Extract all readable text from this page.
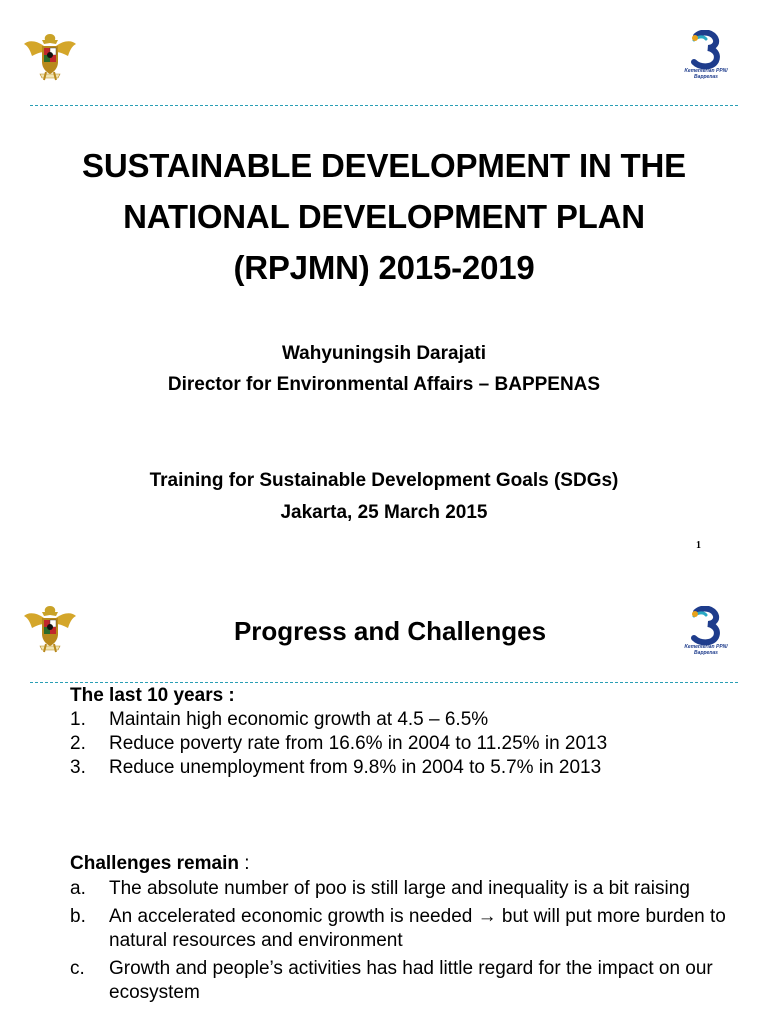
Kementerian PPN/
Bappenas
SUSTAINABLE DEVELOPMENT IN THE
NATIONAL DEVELOPMENT PLAN
(RPJMN) 2015-2019
Wahyuningsih Darajati
Director for Environmental Affairs – BAPPENAS
Training for Sustainable Development Goals (SDGs)
Jakarta, 25 March 2015
1
Kementerian PPN/
Bappenas
Progress and Challenges
The last 10 years :
1. Maintain high economic growth at 4.5 – 6.5%
2. Reduce poverty rate from 16.6% in 2004 to 11.25% in 2013
3. Reduce unemployment from 9.8% in 2004 to 5.7% in 2013
Challenges remain :
a. The absolute number of poo is still large and inequality is a bit raising
b. An accelerated economic growth is needed → but will put more burden to natural resources and environment
c. Growth and people’s activities has had little regard for the impact on our ecosystem
